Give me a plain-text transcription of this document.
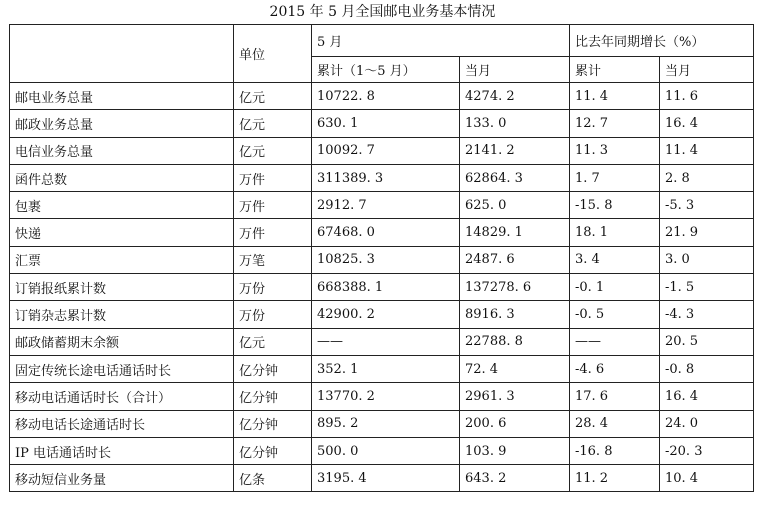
2015 年 5 月全国邮电业务基本情况
	单位	5 月		比去年同期增长（%）	
		累计（1～5 月）	当月	累计	当月
邮电业务总量	亿元	10722. 8	4274. 2	11. 4	11. 6
邮政业务总量	亿元	630. 1	133. 0	12. 7	16. 4
电信业务总量	亿元	10092. 7	2141. 2	11. 3	11. 4
函件总数	万件	311389. 3	62864. 3	1. 7	2. 8
包裹	万件	2912. 7	625. 0	-15. 8	-5. 3
快递	万件	67468. 0	14829. 1	18. 1	21. 9
汇票	万笔	10825. 3	2487. 6	3. 4	3. 0
订销报纸累计数	万份	668388. 1	137278. 6	-0. 1	-1. 5
订销杂志累计数	万份	42900. 2	8916. 3	-0. 5	-4. 3
邮政储蓄期末余额	亿元	——	22788. 8	——	20. 5
固定传统长途电话通话时长	亿分钟	352. 1	72. 4	-4. 6	-0. 8
移动电话通话时长（合计）	亿分钟	13770. 2	2961. 3	17. 6	16. 4
移动电话长途通话时长	亿分钟	895. 2	200. 6	28. 4	24. 0
IP 电话通话时长	亿分钟	500. 0	103. 9	-16. 8	-20. 3
移动短信业务量	亿条	3195. 4	643. 2	11. 2	10. 4
